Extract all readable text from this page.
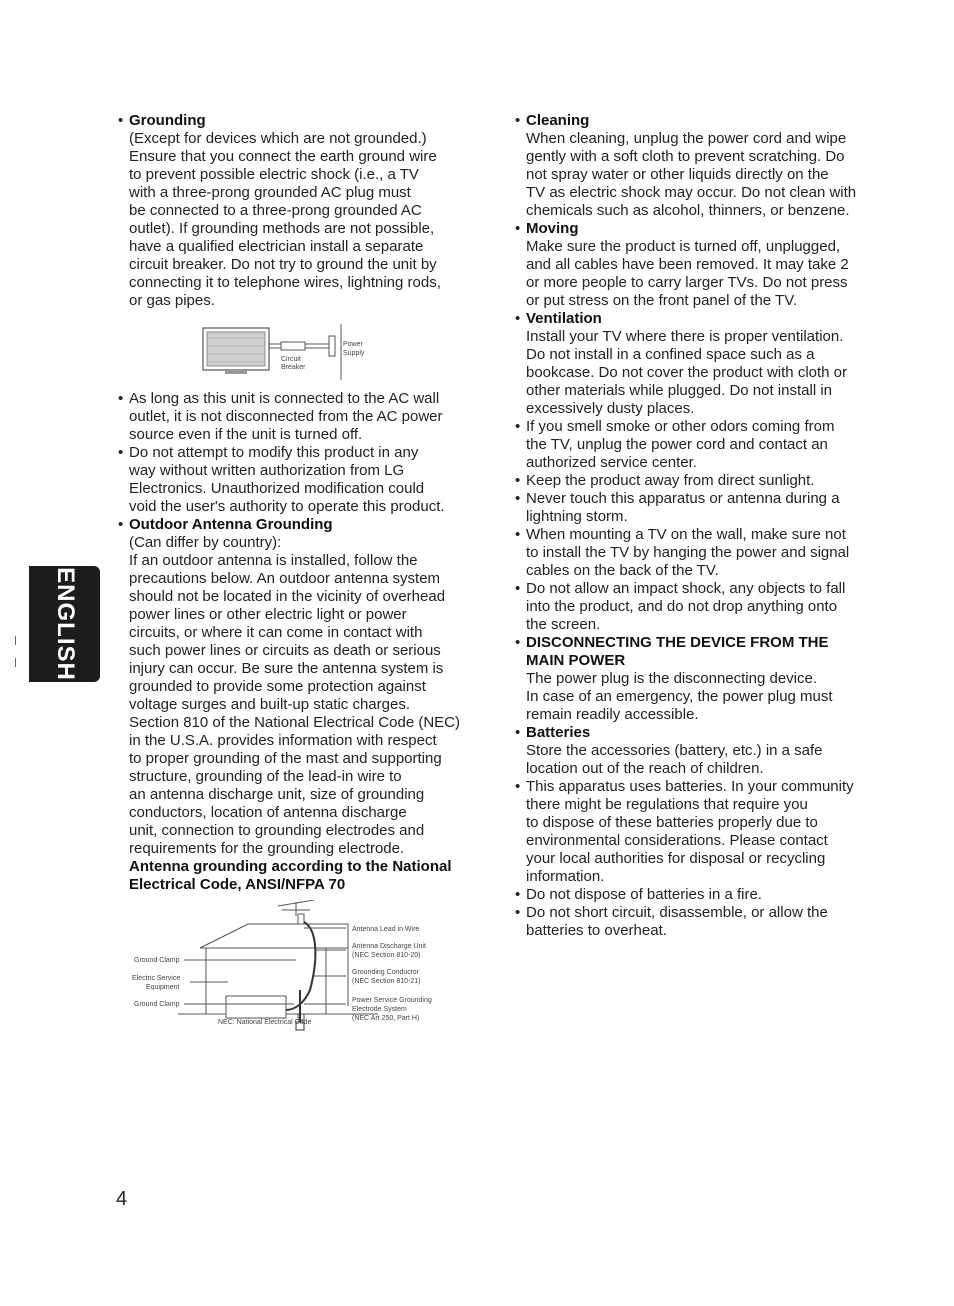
ENGLISH
• Grounding
(Except for devices which are not grounded.)
Ensure that you connect the earth ground wire
to prevent possible electric shock (i.e., a TV
with a three-prong grounded AC plug must
be connected to a three-prong grounded AC
outlet). If grounding methods are not possible,
have a qualified electrician install a separate
circuit breaker. Do not try to ground the unit by
connecting it to telephone wires, lightning rods,
or gas pipes.
Circuit
Breaker
Power
Supply
• As long as this unit is connected to the AC wall
outlet, it is not disconnected from the AC power
source even if the unit is turned off.
• Do not attempt to modify this product in any
way without written authorization from LG
Electronics. Unauthorized modification could
void the user's authority to operate this product.
• Outdoor Antenna Grounding
(Can differ by country):
If an outdoor antenna is installed, follow the
precautions below. An outdoor antenna system
should not be located in the vicinity of overhead
power lines or other electric light or power
circuits, or where it can come in contact with
such power lines or circuits as death or serious
injury can occur. Be sure the antenna system is
grounded to provide some protection against
voltage surges and built-up static charges.
Section 810 of the National Electrical Code (NEC)
in the U.S.A. provides information with respect
to proper grounding of the mast and supporting
structure, grounding of the lead-in wire to
an antenna discharge unit, size of grounding
conductors, location of antenna discharge
unit, connection to grounding electrodes and
requirements for the grounding electrode.
Antenna grounding according to the National
Electrical Code, ANSI/NFPA 70
Antenna Lead in Wire
Antenna Discharge Unit
(NEC Section 810-20)
Grounding Conductor
(NEC Section 810-21)
Power Service Grounding
Electrode System
(NEC Art 250, Part H)
Ground Clamp
Electric Service
Equipment
Ground Clamp
NEC: National Electrical Code
• Cleaning
When cleaning, unplug the power cord and wipe
gently with a soft cloth to prevent scratching. Do
not spray water or other liquids directly on the
TV as electric shock may occur. Do not clean with
chemicals such as alcohol, thinners, or benzene.
• Moving
Make sure the product is turned off, unplugged,
and all cables have been removed. It may take 2
or more people to carry larger TVs. Do not press
or put stress on the front panel of the TV.
• Ventilation
Install your TV where there is proper ventilation.
Do not install in a confined space such as a
bookcase. Do not cover the product with cloth or
other materials while plugged. Do not install in
excessively dusty places.
• If you smell smoke or other odors coming from
the TV, unplug the power cord and contact an
authorized service center.
• Keep the product away from direct sunlight.
• Never touch this apparatus or antenna during a
lightning storm.
• When mounting a TV on the wall, make sure not
to install the TV by hanging the power and signal
cables on the back of the TV.
• Do not allow an impact shock, any objects to fall
into the product, and do not drop anything onto
the screen.
• DISCONNECTING THE DEVICE FROM THE
MAIN POWER
The power plug is the disconnecting device.
In case of an emergency, the power plug must
remain readily accessible.
• Batteries
Store the accessories (battery, etc.) in a safe
location out of the reach of children.
• This apparatus uses batteries. In your community
there might be regulations that require you
to dispose of these batteries properly due to
environmental considerations. Please contact
your local authorities for disposal or recycling
information.
• Do not dispose of batteries in a fire.
• Do not short circuit, disassemble, or allow the
batteries to overheat.
4
